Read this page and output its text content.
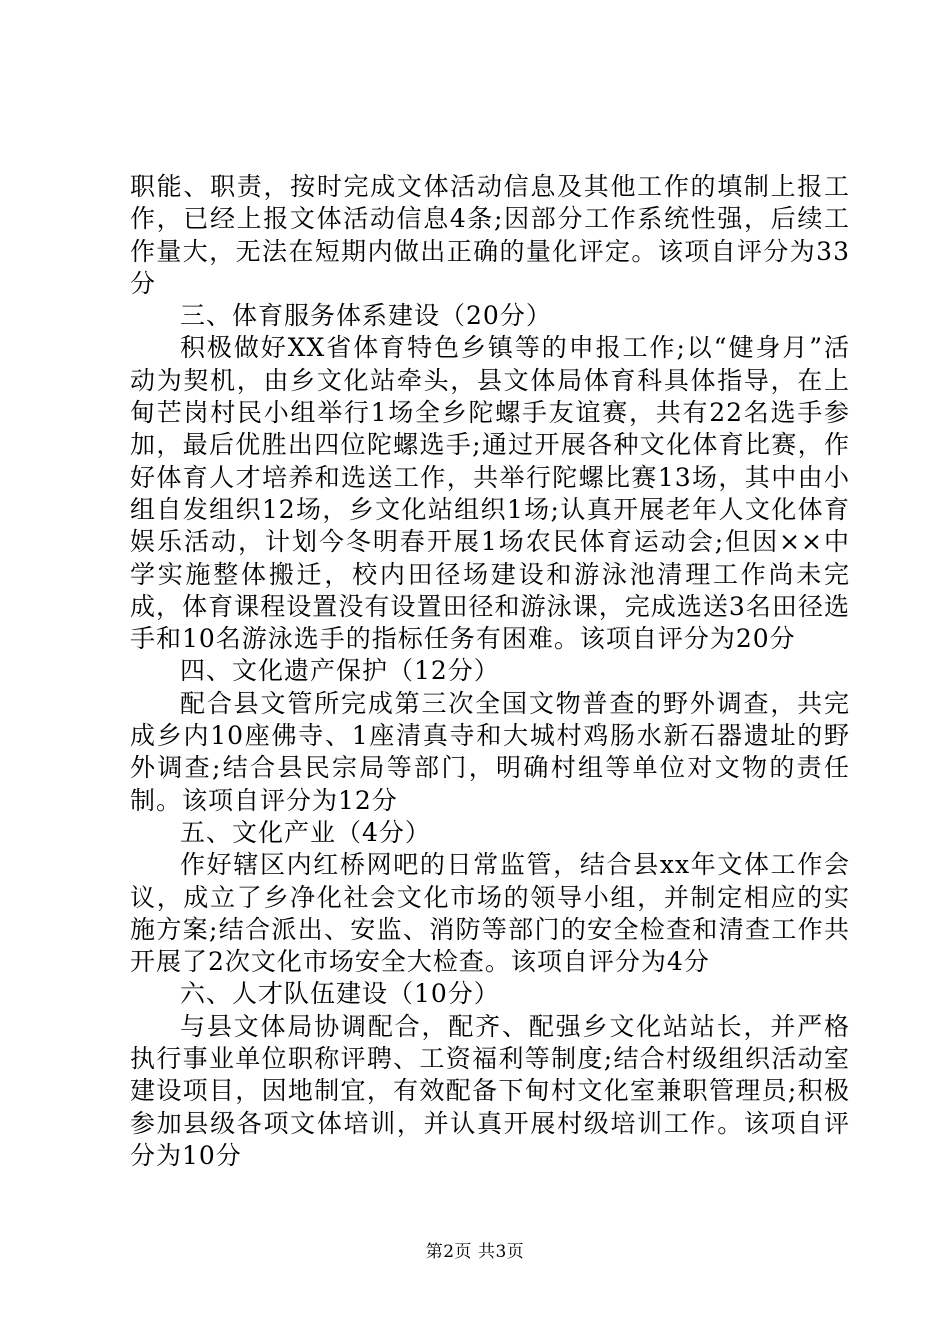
职能、职责，按时完成文体活动信息及其他工作的填制上报工作，已经上报文体活动信息4条;因部分工作系统性强，后续工作量大，无法在短期内做出正确的量化评定。该项自评分为33分

三、体育服务体系建设（20分）

积极做好XX省体育特色乡镇等的申报工作;以“健身月”活动为契机，由乡文化站牵头，县文体局体育科具体指导，在上甸芒岗村民小组举行1场全乡陀螺手友谊赛，共有22名选手参加，最后优胜出四位陀螺选手;通过开展各种文化体育比赛，作好体育人才培养和选送工作，共举行陀螺比赛13场，其中由小组自发组织12场，乡文化站组织1场;认真开展老年人文化体育娱乐活动，计划今冬明春开展1场农民体育运动会;但因××中学实施整体搬迁，校内田径场建设和游泳池清理工作尚未完成，体育课程设置没有设置田径和游泳课，完成选送3名田径选手和10名游泳选手的指标任务有困难。该项自评分为20分

四、文化遗产保护（12分）

配合县文管所完成第三次全国文物普查的野外调查，共完成乡内10座佛寺、1座清真寺和大城村鸡肠水新石器遗址的野外调查;结合县民宗局等部门，明确村组等单位对文物的责任制。该项自评分为12分

五、文化产业（4分）

作好辖区内红桥网吧的日常监管，结合县xx年文体工作会议，成立了乡净化社会文化市场的领导小组，并制定相应的实施方案;结合派出、安监、消防等部门的安全检查和清查工作共开展了2次文化市场安全大检查。该项自评分为4分

六、人才队伍建设（10分）

与县文体局协调配合，配齐、配强乡文化站站长，并严格执行事业单位职称评聘、工资福利等制度;结合村级组织活动室建设项目，因地制宜，有效配备下甸村文化室兼职管理员;积极参加县级各项文体培训，并认真开展村级培训工作。该项自评分为10分

第2页 共3页
